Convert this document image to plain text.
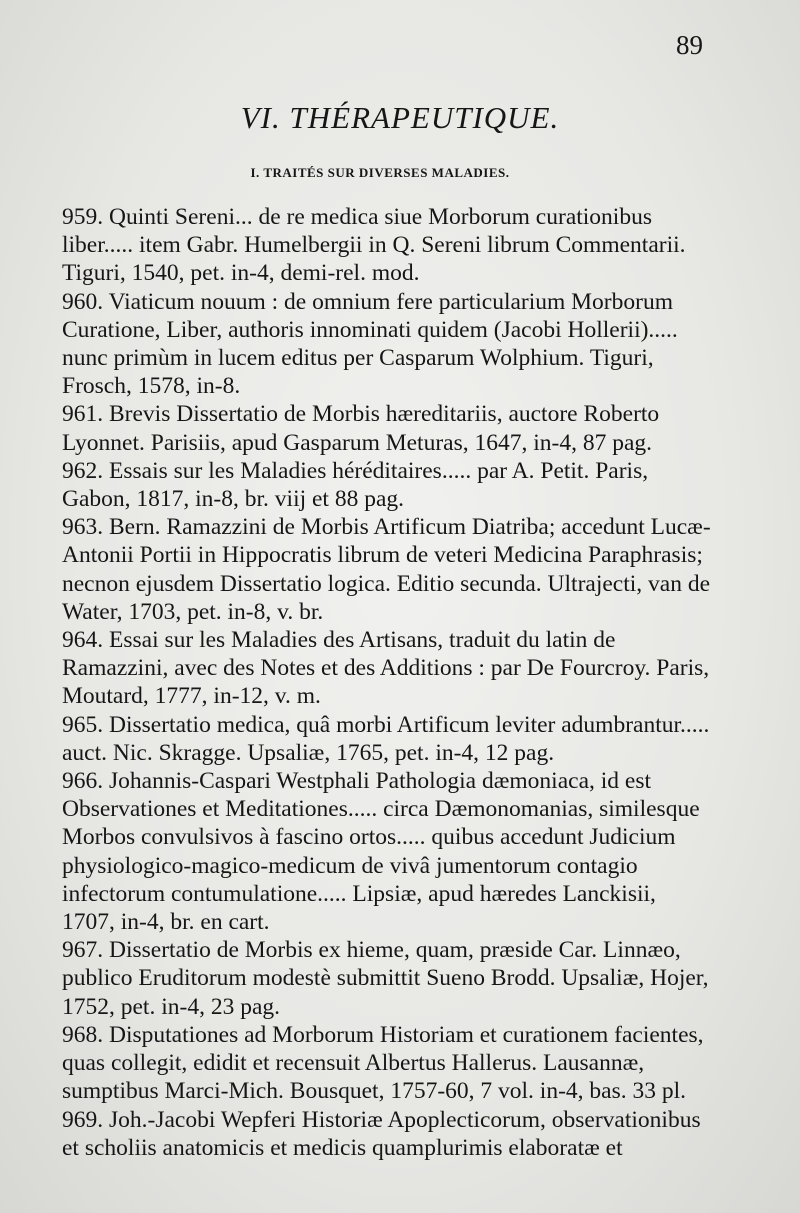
89
VI. THÉRAPEUTIQUE.
I. TRAITÉS SUR DIVERSES MALADIES.

959. Quinti Sereni... de re medica siue Morborum curationibus liber..... item Gabr. Humelbergii in Q. Sereni librum Commentarii. Tiguri, 1540, pet. in-4, demi-rel. mod.

960. Viaticum nouum : de omnium fere particularium Morborum Curatione, Liber, authoris innominati quidem (Jacobi Hollerii)..... nunc primùm in lucem editus per Casparum Wolphium. Tiguri, Frosch, 1578, in-8.

961. Brevis Dissertatio de Morbis hæreditariis, auctore Roberto Lyonnet. Parisiis, apud Gasparum Meturas, 1647, in-4, 87 pag.

962. Essais sur les Maladies héréditaires..... par A. Petit. Paris, Gabon, 1817, in-8, br. viij et 88 pag.

963. Bern. Ramazzini de Morbis Artificum Diatriba; accedunt Lucæ-Antonii Portii in Hippocratis librum de veteri Medicina Paraphrasis; necnon ejusdem Dissertatio logica. Editio secunda. Ultrajecti, van de Water, 1703, pet. in-8, v. br.

964. Essai sur les Maladies des Artisans, traduit du latin de Ramazzini, avec des Notes et des Additions : par De Fourcroy. Paris, Moutard, 1777, in-12, v. m.

965. Dissertatio medica, quâ morbi Artificum leviter adumbrantur..... auct. Nic. Skragge. Upsaliæ, 1765, pet. in-4, 12 pag.

966. Johannis-Caspari Westphali Pathologia dæmoniaca, id est Observationes et Meditationes..... circa Dæmonomanias, similesque Morbos convulsivos à fascino ortos..... quibus accedunt Judicium physiologico-magico-medicum de vivâ jumentorum contagio infectorum contumulatione..... Lipsiæ, apud hæredes Lanckisii, 1707, in-4, br. en cart.

967. Dissertatio de Morbis ex hieme, quam, præside Car. Linnæo, publico Eruditorum modestè submittit Sueno Brodd. Upsaliæ, Hojer, 1752, pet. in-4, 23 pag.

968. Disputationes ad Morborum Historiam et curationem facientes, quas collegit, edidit et recensuit Albertus Hallerus. Lausannæ, sumptibus Marci-Mich. Bousquet, 1757-60, 7 vol. in-4, bas. 33 pl.

969. Joh.-Jacobi Wepferi Historiæ Apoplecticorum, observationibus et scholiis anatomicis et medicis quamplurimis elaboratæ et
